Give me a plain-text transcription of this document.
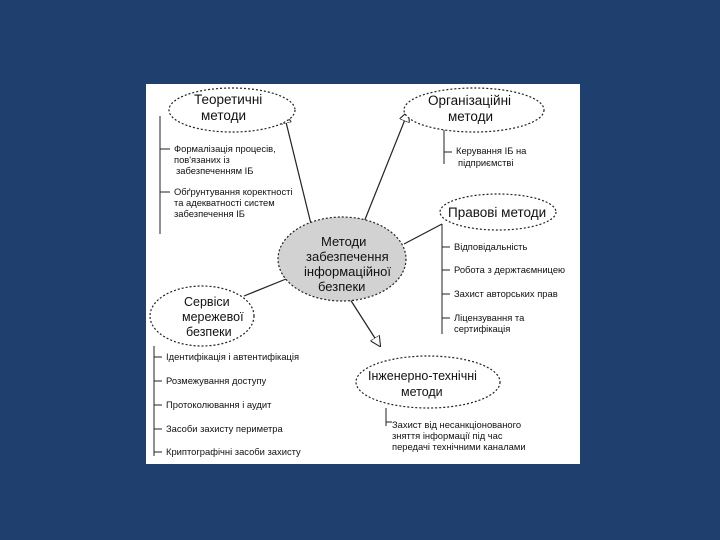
Методи
забезпечення
інформаційної
безпеки
Теоретичні
методи
Формалізація процесів,
пов'язаних із
забезпеченням ІБ
Обґрунтування коректності
та адекватності систем
забезпечення ІБ
Організаційні
методи
Керування ІБ на
підприємстві
Правові методи
Відповідальність
Робота з держтаємницею
Захист авторських прав
Ліцензування та
сертифікація
Сервіси
мережевої
безпеки
Ідентифікація і автентифікація
Розмежування доступу
Протоколювання і аудит
Засоби захисту периметра
Криптографічні засоби захисту
Інженерно-технічні
методи
Захист від несанкціонованого
зняття інформації під час
передачі технічними каналами
